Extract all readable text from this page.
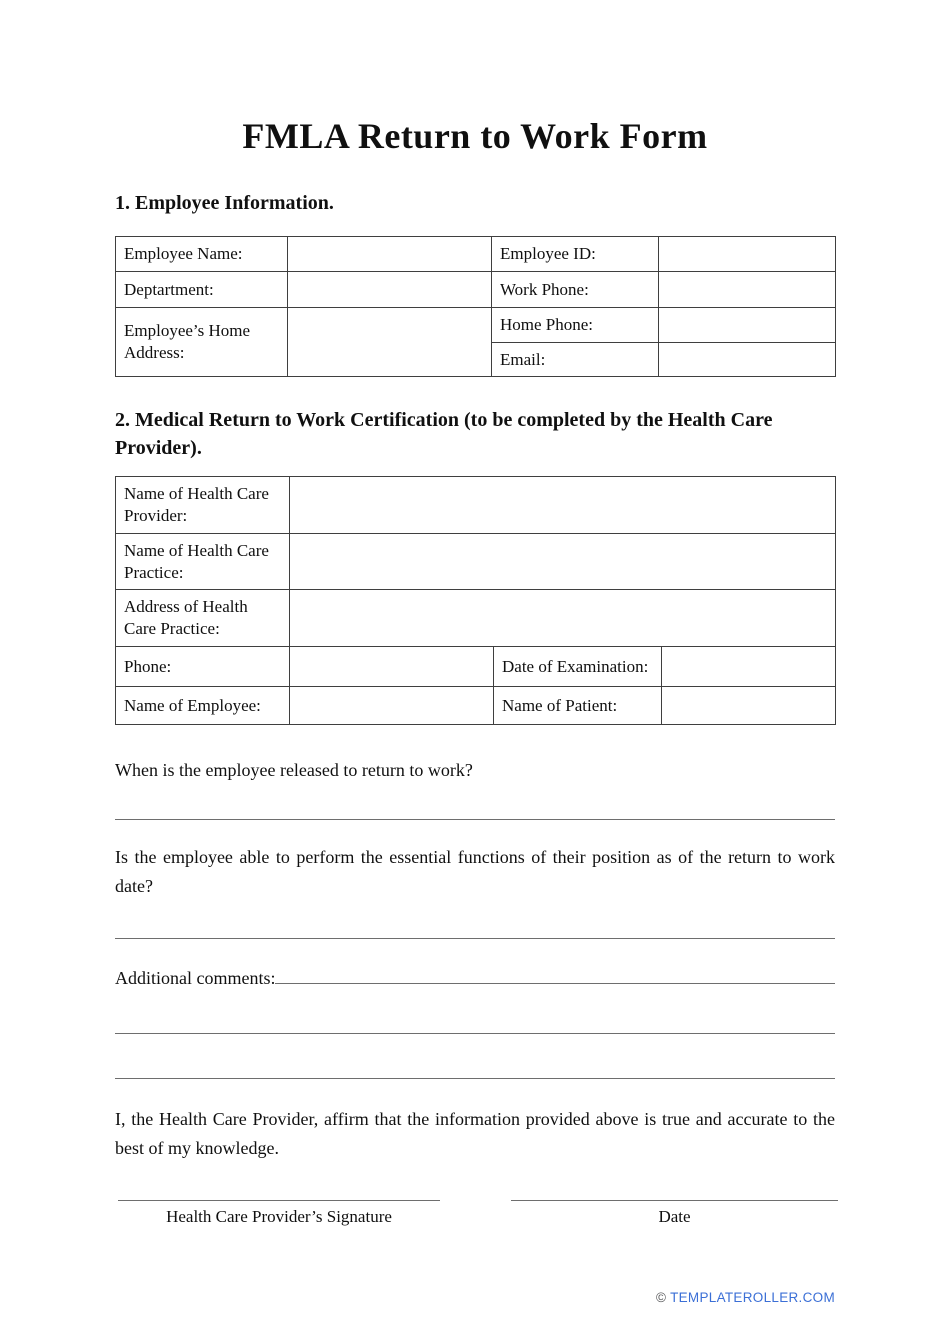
FMLA Return to Work Form
1. Employee Information.
Employee Name:		Employee ID:	
Deptartment:		Work Phone:	
Employee’s Home Address:		Home Phone:	
		Email:	
2. Medical Return to Work Certification (to be completed by the Health Care Provider).
Name of Health Care Provider:			
Name of Health Care Practice:			
Address of Health Care Practice:			
Phone:		Date of Examination:	
Name of Employee:		Name of Patient:	
When is the employee released to return to work?
Is the employee able to perform the essential functions of their position as of the return to work date?
Additional comments:
I, the Health Care Provider, affirm that the information provided above is true and accurate to the best of my knowledge.
Health Care Provider’s Signature	Date
© TEMPLATEROLLER.COM
